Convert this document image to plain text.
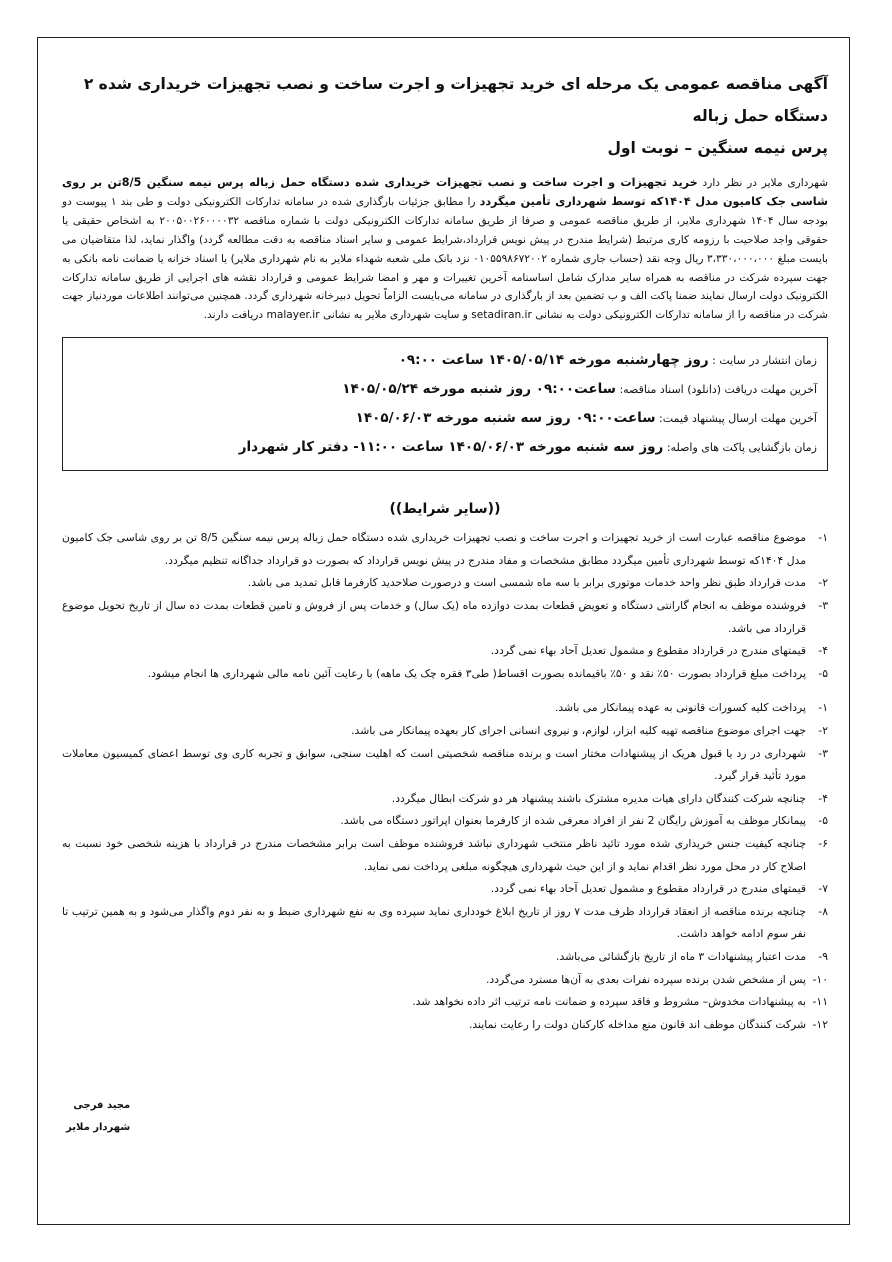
آگهی مناقصه عمومی یک مرحله ای خرید تجهیزات و اجرت ساخت و نصب تجهیزات خریداری شده ۲ دستگاه حمل زباله
پرس نیمه سنگین – نوبت اول
شهرداری ملایر در نظر دارد خرید تجهیزات و اجرت ساخت و نصب تجهیزات خریداری شده دستگاه حمل زباله پرس نیمه سنگین 8/5تن بر روی شاسی جک کامیون مدل ۱۴۰۴که توسط شهرداری تأمین میگردد را مطابق جزئیات بارگذاری شده در سامانه تدارکات الکترونیکی دولت و طی بند ۱ پیوست دو بودجه سال ۱۴۰۴ شهرداری ملایر، از طریق مناقصه عمومی و صرفا از طریق سامانه تدارکات الکترونیکی دولت با شماره مناقصه ۲۰۰۵۰۰۲۶۰۰۰۰۳۲ به اشخاص حقیقی یا حقوقی واجد صلاحیت با رزومه کاری مرتبط (شرایط مندرج در پیش نویس قرارداد،شرایط عمومی و سایر اسناد مناقصه به دقت مطالعه گردد) واگذار نماید، لذا متقاضیان می بایست مبلغ ۳،۳۳۰،۰۰۰،۰۰۰ ریال وجه نقد (حساب جاری شماره ۰۱۰۵۵۹۸۶۷۲۰۰۲ نزد بانک ملی شعبه شهداء ملایر به نام شهرداری ملایر) یا اسناد خزانه یا ضمانت نامه بانکی به جهت سپرده شرکت در مناقصه به همراه سایر مدارک شامل اساسنامه آخرین تغییرات و مهر و امضا شرایط عمومی و قرارداد نقشه های اجرایی از طریق سامانه تدارکات الکترونیک دولت ارسال نمایند ضمنا پاکت الف و ب تضمین بعد از بارگذاری در سامانه می‌بایست الزاماً تحویل دبیرخانه شهرداری گردد. همچنین می‌توانند اطلاعات موردنیاز جهت شرکت در مناقصه را از سامانه تدارکات الکترونیکی دولت به نشانی setadiran.ir و سایت شهرداری ملایر به نشانی malayer.ir دریافت دارند.
زمان انتشار در سایت : روز چهارشنبه مورخه ۱۴۰۵/۰۵/۱۴ ساعت ۰۹:۰۰
آخرین مهلت دریافت (دانلود) اسناد مناقصه: ساعت۰۹:۰۰ روز شنبه مورخه ۱۴۰۵/۰۵/۲۴
آخرین مهلت ارسال پیشنهاد قیمت: ساعت۰۹:۰۰ روز سه شنبه مورخه ۱۴۰۵/۰۶/۰۳
زمان بازگشایی پاکت های واصله: روز سه شنبه مورخه ۱۴۰۵/۰۶/۰۳ ساعت ۱۱:۰۰- دفتر کار شهردار
((سایر شرایط))
۱-
موضوع مناقصه عبارت است از خرید تجهیزات و اجرت ساخت و نصب تجهیزات خریداری شده دستگاه حمل زباله پرس نیمه سنگین 8/5 تن بر روی شاسی جک کامیون مدل ۱۴۰۴که توسط شهرداری تأمین میگردد مطابق مشخصات و مفاد مندرج در پیش نویس قرارداد که بصورت دو قرارداد جداگانه تنظیم میگردد.
۲-
مدت قرارداد طبق نظر واحد خدمات موتوری برابر با سه ماه شمسی است و درصورت صلاحدید کارفرما قابل تمدید می باشد.
۳-
فروشنده موظف به انجام گارانتی دستگاه و تعویض قطعات بمدت دوازده ماه (یک سال) و خدمات پس از فروش و تامین قطعات بمدت ده سال از تاریخ تحویل موضوع قرارداد می باشد.
۴-
قیمتهای مندرج در قرارداد مقطوع و مشمول تعدیل آحاد بهاء نمی گردد.
۵-
پرداخت مبلغ قرارداد بصورت ۵۰٪ نقد و ۵۰٪ باقیمانده بصورت اقساط( طی۳ فقره چک یک ماهه) با رعایت آئین نامه مالی شهرداری ها انجام میشود.
۱-
پرداخت کلیه کسورات قانونی به عهده پیمانکار می باشد.
۲-
جهت اجرای موضوع مناقصه تهیه کلیه ابزار، لوازم، و نیروی انسانی اجرای کار بعهده پیمانکار می باشد.
۳-
شهرداری در رد یا قبول هریک از پیشنهادات مختار است و برنده مناقصه شخصیتی است که اهلیت سنجی، سوابق و تجربه کاری وی توسط اعضای کمیسیون معاملات مورد تأئید قرار گیرد.
۴-
چنانچه شرکت کنندگان دارای هیات مدیره مشترک باشند پیشنهاد هر دو شرکت ابطال میگردد.
۵-
پیمانکار موظف به آموزش رایگان 2 نفر از افراد معرفی شده از کارفرما بعنوان اپراتور دستگاه می باشد.
۶-
چنانچه کیفیت جنس خریداری شده مورد تائید ناظر منتخب شهرداری نباشد فروشنده موظف است برابر مشخصات مندرج در قرارداد با هزینه شخصی خود نسبت به اصلاح کار در محل مورد نظر اقدام نماید و از این حیث شهرداری هیچگونه مبلغی پرداخت نمی نماید.
۷-
قیمتهای مندرج در قرارداد مقطوع و مشمول تعدیل آحاد بهاء نمی گردد.
۸-
چنانچه برنده مناقصه از انعقاد قرارداد ظرف مدت ۷ روز از تاریخ ابلاغ خودداری نماید سپرده وی به نفع شهرداری ضبط و به نفر دوم واگذار می‌شود و به همین ترتیب تا نفر سوم ادامه خواهد داشت.
۹-
مدت اعتبار پیشنهادات ۳ ماه از تاریخ بازگشائی می‌باشد.
۱۰-
پس از مشخص شدن برنده سپرده نفرات بعدی به آن‌ها مسترد می‌گردد.
۱۱-
به پیشنهادات مخدوش– مشروط و فاقد سپرده و ضمانت نامه ترتیب اثر داده نخواهد شد.
۱۲-
شرکت کنندگان موظف اند قانون منع مداخله کارکنان دولت را رعایت نمایند.
مجید فرجی
شهردار ملایر
